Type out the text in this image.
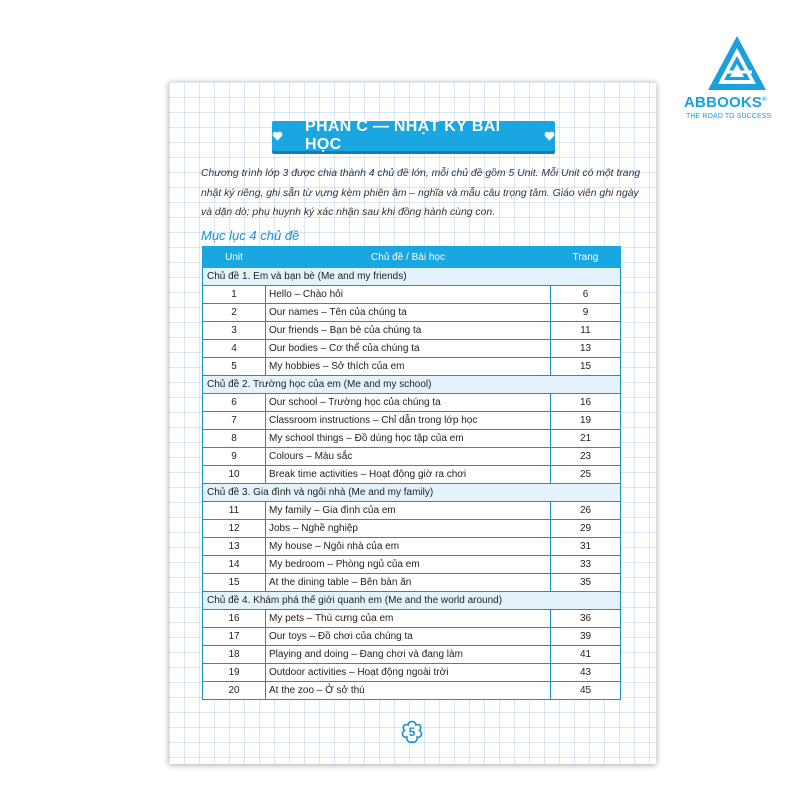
ABBOOKS®
THE ROAD TO SUCCESS
PHẦN C — NHẬT KÝ BÀI HỌC

Chương trình lớp 3 được chia thành 4 chủ đề lớn, mỗi chủ đề gồm 5 Unit. Mỗi Unit có một trang nhật ký riêng, ghi sẵn từ vựng kèm phiên âm – nghĩa và mẫu câu trọng tâm. Giáo viên ghi ngày và dặn dò; phụ huynh ký xác nhận sau khi đồng hành cùng con.

Mục lục 4 chủ đề
Unit	Chủ đề / Bài học	Trang
Chủ đề 1. Em và bạn bè (Me and my friends)		
1	Hello – Chào hỏi	6
2	Our names – Tên của chúng ta	9
3	Our friends – Bạn bè của chúng ta	11
4	Our bodies – Cơ thể của chúng ta	13
5	My hobbies – Sở thích của em	15
Chủ đề 2. Trường học của em (Me and my school)		
6	Our school – Trường học của chúng ta	16
7	Classroom instructions – Chỉ dẫn trong lớp học	19
8	My school things – Đồ dùng học tập của em	21
9	Colours – Màu sắc	23
10	Break time activities – Hoạt động giờ ra chơi	25
Chủ đề 3. Gia đình và ngôi nhà (Me and my family)		
11	My family – Gia đình của em	26
12	Jobs – Nghề nghiệp	29
13	My house – Ngôi nhà của em	31
14	My bedroom – Phòng ngủ của em	33
15	At the dining table – Bên bàn ăn	35
Chủ đề 4. Khám phá thế giới quanh em (Me and the world around)		
16	My pets – Thú cưng của em	36
17	Our toys – Đồ chơi của chúng ta	39
18	Playing and doing – Đang chơi và đang làm	41
19	Outdoor activities – Hoạt động ngoài trời	43
20	At the zoo – Ở sở thú	45
5
